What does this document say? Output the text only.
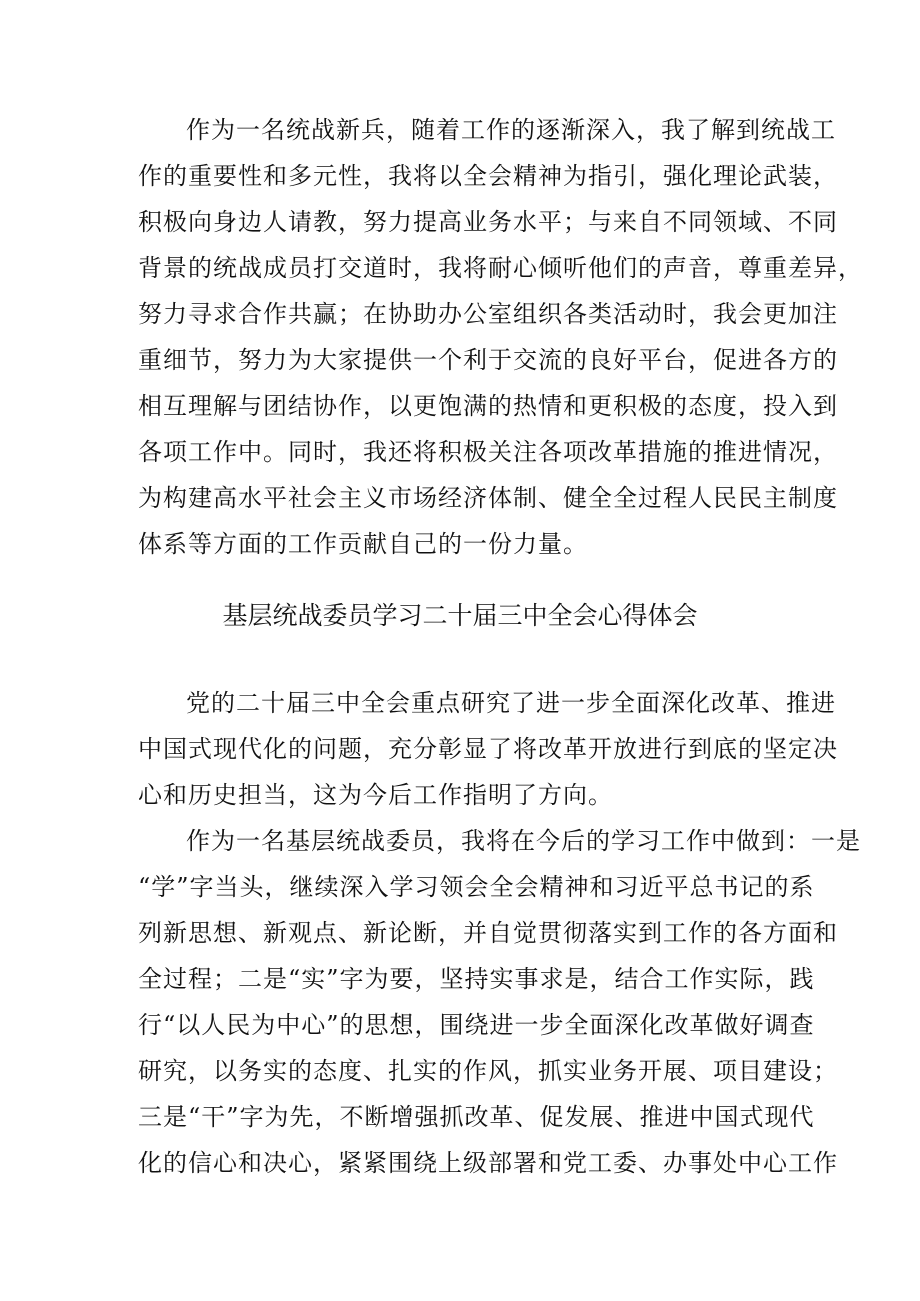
作为一名统战新兵，随着工作的逐渐深入，我了解到统战工
作的重要性和多元性，我将以全会精神为指引，强化理论武装，
积极向身边人请教，努力提高业务水平；与来自不同领域、不同
背景的统战成员打交道时，我将耐心倾听他们的声音，尊重差异，
努力寻求合作共赢；在协助办公室组织各类活动时，我会更加注
重细节，努力为大家提供一个利于交流的良好平台，促进各方的
相互理解与团结协作，以更饱满的热情和更积极的态度，投入到
各项工作中。同时，我还将积极关注各项改革措施的推进情况，
为构建高水平社会主义市场经济体制、健全全过程人民民主制度
体系等方面的工作贡献自己的一份力量。
基层统战委员学习二十届三中全会心得体会
党的二十届三中全会重点研究了进一步全面深化改革、推进
中国式现代化的问题，充分彰显了将改革开放进行到底的坚定决
心和历史担当，这为今后工作指明了方向。
作为一名基层统战委员，我将在今后的学习工作中做到：一是
“学”字当头，继续深入学习领会全会精神和习近平总书记的系
列新思想、新观点、新论断，并自觉贯彻落实到工作的各方面和
全过程；二是“实”字为要，坚持实事求是，结合工作实际，践
行“以人民为中心”的思想，围绕进一步全面深化改革做好调查
研究，以务实的态度、扎实的作风，抓实业务开展、项目建设；
三是“干”字为先，不断增强抓改革、促发展、推进中国式现代
化的信心和决心，紧紧围绕上级部署和党工委、办事处中心工作
